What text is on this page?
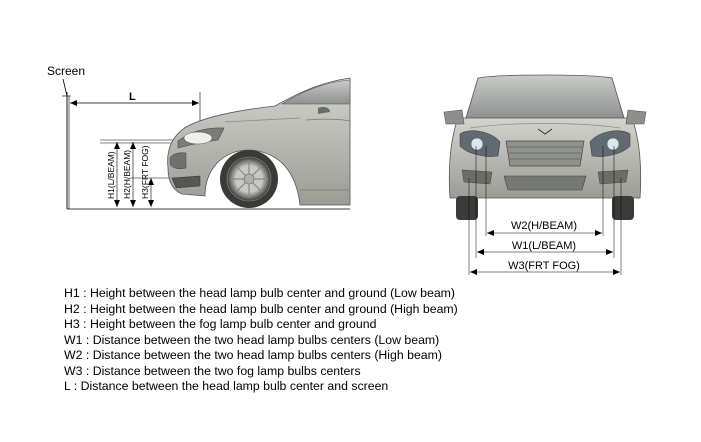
Screen
L
H1(L/BEAM) H2(H/BEAM) H3(FRT FOG)
W2(H/BEAM)
W1(L/BEAM)
W3(FRT FOG)
H1 : Height between the head lamp bulb center and ground (Low beam)
H2 : Height between the head lamp bulb center and ground (High beam)
H3 : Height between the fog lamp bulb center and ground
W1 : Distance between the two head lamp bulbs centers (Low beam)
W2 : Distance between the two head lamp bulbs centers (High beam)
W3 : Distance between the two fog lamp bulbs centers
L : Distance between the head lamp bulb center and screen
